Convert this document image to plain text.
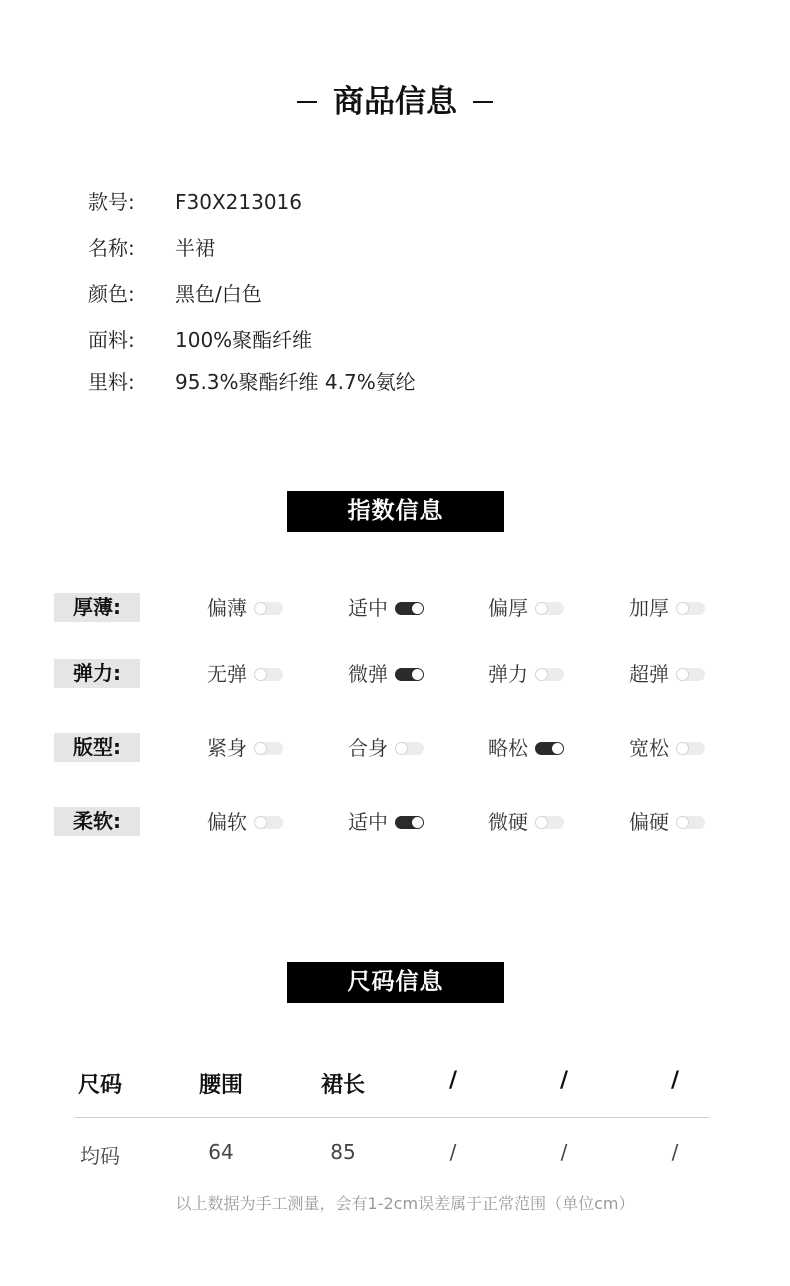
商品信息
款号: F30X213016
名称: 半裙
颜色: 黑色/白色
面料: 100%聚酯纤维
里料: 95.3%聚酯纤维 4.7%氨纶
指数信息
厚薄:	偏薄	适中	偏厚	加厚
弹力:	无弹	微弹	弹力	超弹
版型:	紧身	合身	略松	宽松
柔软:	偏软	适中	微硬	偏硬
尺码信息
尺码	腰围	裙长	/	/	/
均码	64	85	/	/	/
以上数据为手工测量，会有1-2cm误差属于正常范围（单位cm）
